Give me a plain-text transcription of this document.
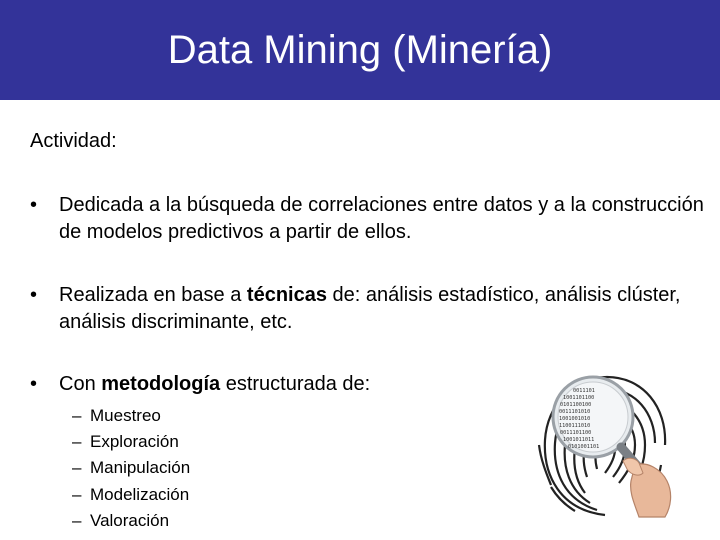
Data Mining (Minería)
Actividad:
•	Dedicada a la búsqueda de correlaciones entre datos y a la construcción de modelos predictivos a partir de ellos.
•	Realizada en base a técnicas de: análisis estadístico, análisis clúster, análisis discriminante, etc.
•	Con metodología estructurada de:
– Muestreo
– Exploración
– Manipulación
– Modelización
– Valoración
0011101
1001101100
0101100100
0011101010
1001001010
1100111010
0011101100
1001011011
0101001101
